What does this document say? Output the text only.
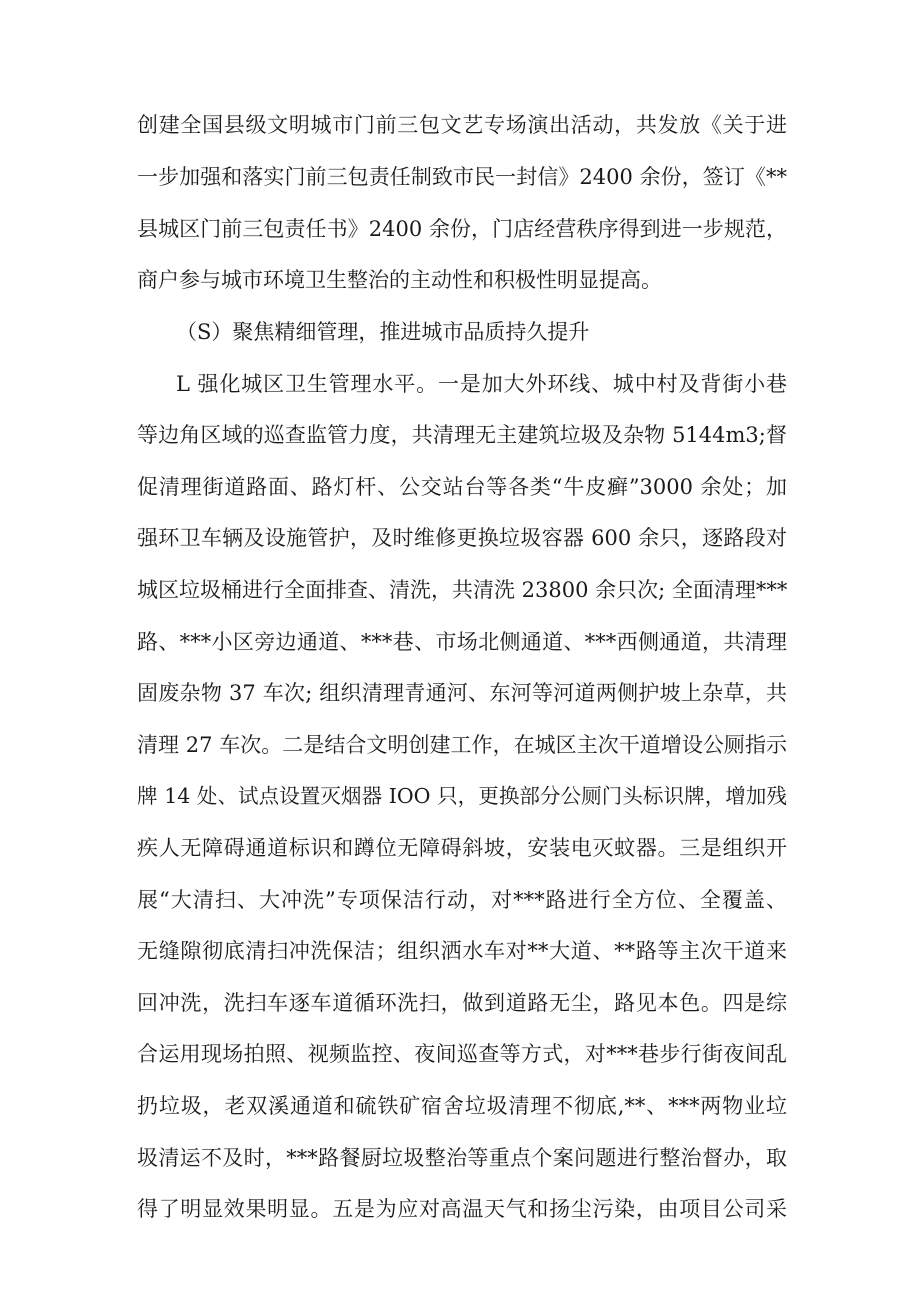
创建全国县级文明城市门前三包文艺专场演出活动，共发放《关于进
一步加强和落实门前三包责任制致市民一封信》2400 余份，签订《**
县城区门前三包责任书》2400 余份，门店经营秩序得到进一步规范，
商户参与城市环境卫生整治的主动性和积极性明显提高。
（S）聚焦精细管理，推进城市品质持久提升
L 强化城区卫生管理水平。一是加大外环线、城中村及背街小巷
等边角区域的巡查监管力度，共清理无主建筑垃圾及杂物 5144m3;督
促清理街道路面、路灯杆、公交站台等各类“牛皮癣”3000 余处；加
强环卫车辆及设施管护，及时维修更换垃圾容器 600 余只，逐路段对
城区垃圾桶进行全面排查、清洗，共清洗 23800 余只次; 全面清理***
路、***小区旁边通道、***巷、市场北侧通道、***西侧通道，共清理
固废杂物 37 车次; 组织清理青通河、东河等河道两侧护坡上杂草，共
清理 27 车次。二是结合文明创建工作，在城区主次干道增设公厕指示
牌 14 处、试点设置灭烟器 IOO 只，更换部分公厕门头标识牌，增加残
疾人无障碍通道标识和蹲位无障碍斜坡，安装电灭蚊器。三是组织开
展“大清扫、大冲洗”专项保洁行动，对***路进行全方位、全覆盖、
无缝隙彻底清扫冲洗保洁；组织洒水车对**大道、**路等主次干道来
回冲洗，洗扫车逐车道循环洗扫，做到道路无尘，路见本色。四是综
合运用现场拍照、视频监控、夜间巡查等方式，对***巷步行街夜间乱
扔垃圾，老双溪通道和硫铁矿宿舍垃圾清理不彻底,**、***两物业垃
圾清运不及时，***路餐厨垃圾整治等重点个案问题进行整治督办，取
得了明显效果明显。五是为应对高温天气和扬尘污染，由项目公司采
